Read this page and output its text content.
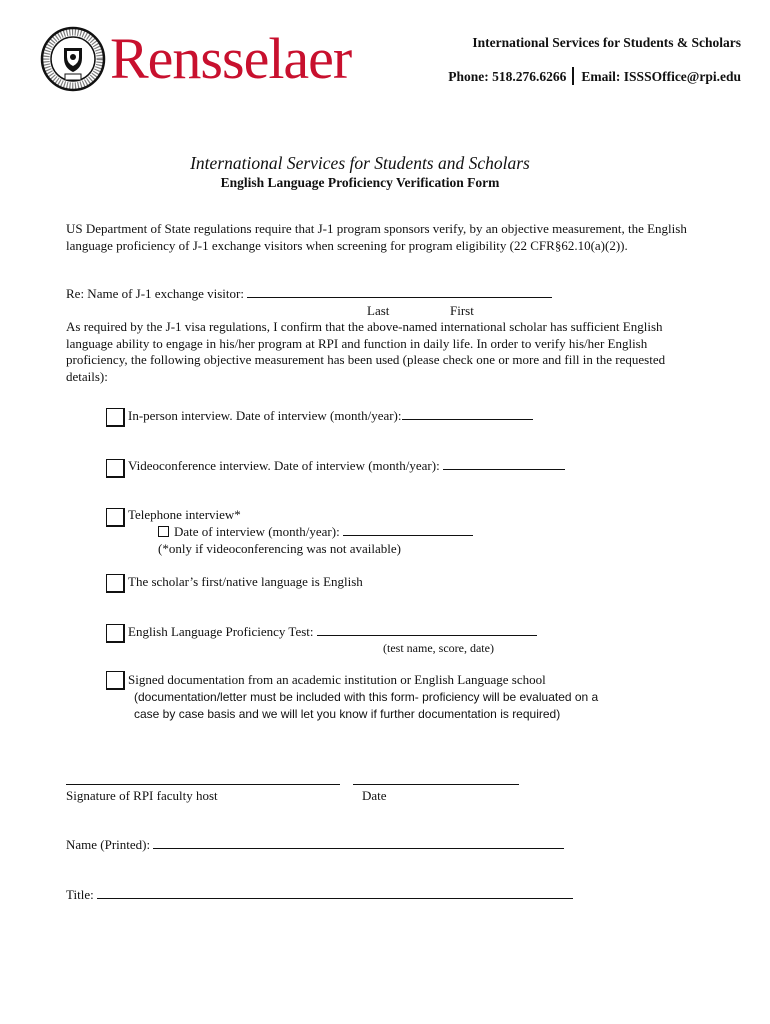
Rensselaer	International Services for Students & Scholars
Phone: 518.276.6266 Email: ISSSOffice@rpi.edu
International Services for Students and Scholars
English Language Proficiency Verification Form
US Department of State regulations require that J-1 program sponsors verify, by an objective measurement, the English language proficiency of J-1 exchange visitors when screening for program eligibility (22 CFR§62.10(a)(2)).
Re: Name of J-1 exchange visitor:
Last	First
As required by the J-1 visa regulations, I confirm that the above-named international scholar has sufficient English language ability to engage in his/her program at RPI and function in daily life. In order to verify his/her English proficiency, the following objective measurement has been used (please check one or more and fill in the requested details):
In-person interview. Date of interview (month/year):
Videoconference interview. Date of interview (month/year):
Telephone interview*
Date of interview (month/year):
(*only if videoconferencing was not available)
The scholar’s first/native language is English
English Language Proficiency Test:
(test name, score, date)
Signed documentation from an academic institution or English Language school
(documentation/letter must be included with this form- proficiency will be evaluated on a
case by case basis and we will let you know if further documentation is required)
Signature of RPI faculty host	Date
Name (Printed):
Title:
